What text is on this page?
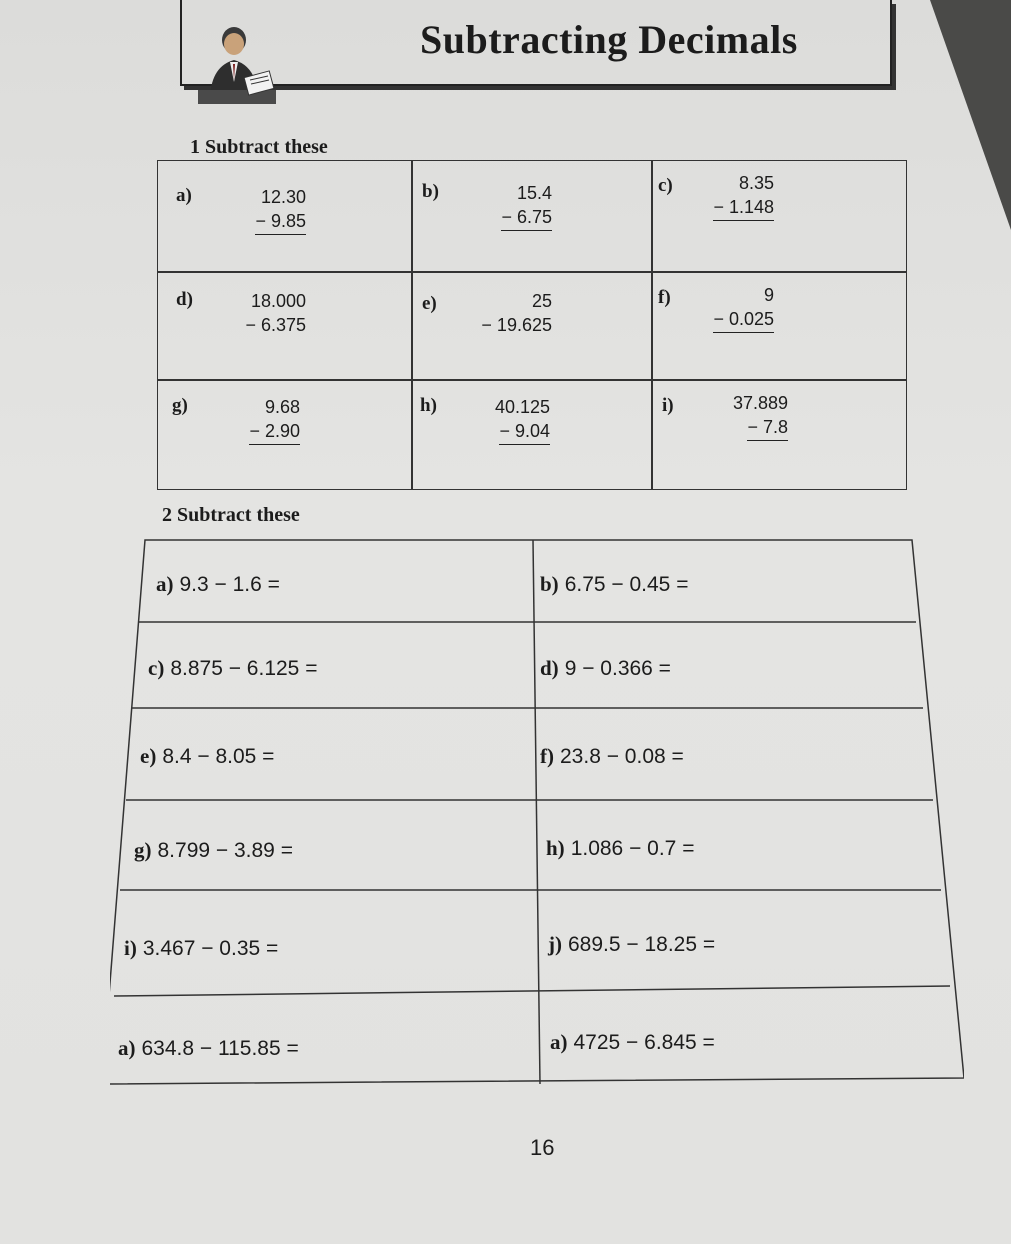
Subtracting Decimals
1 Subtract these
a)	12.30
− 9.85
b)	15.4
− 6.75
c)	8.35
− 1.148
d)	18.000
− 6.375
e)	25
− 19.625
f)	9
− 0.025
g)	9.68
− 2.90
h)	40.125
− 9.04
i)	37.889
− 7.8
2 Subtract these
a) 9.3 − 1.6 =	b) 6.75 − 0.45 =
c) 8.875 − 6.125 =	d) 9 − 0.366 =
e) 8.4 − 8.05 =	f) 23.8 − 0.08 =
g) 8.799 − 3.89 =	h) 1.086 − 0.7 =
i) 3.467 − 0.35 =	j) 689.5 − 18.25 =
a) 634.8 − 115.85 =	a) 4725 − 6.845 =
16
